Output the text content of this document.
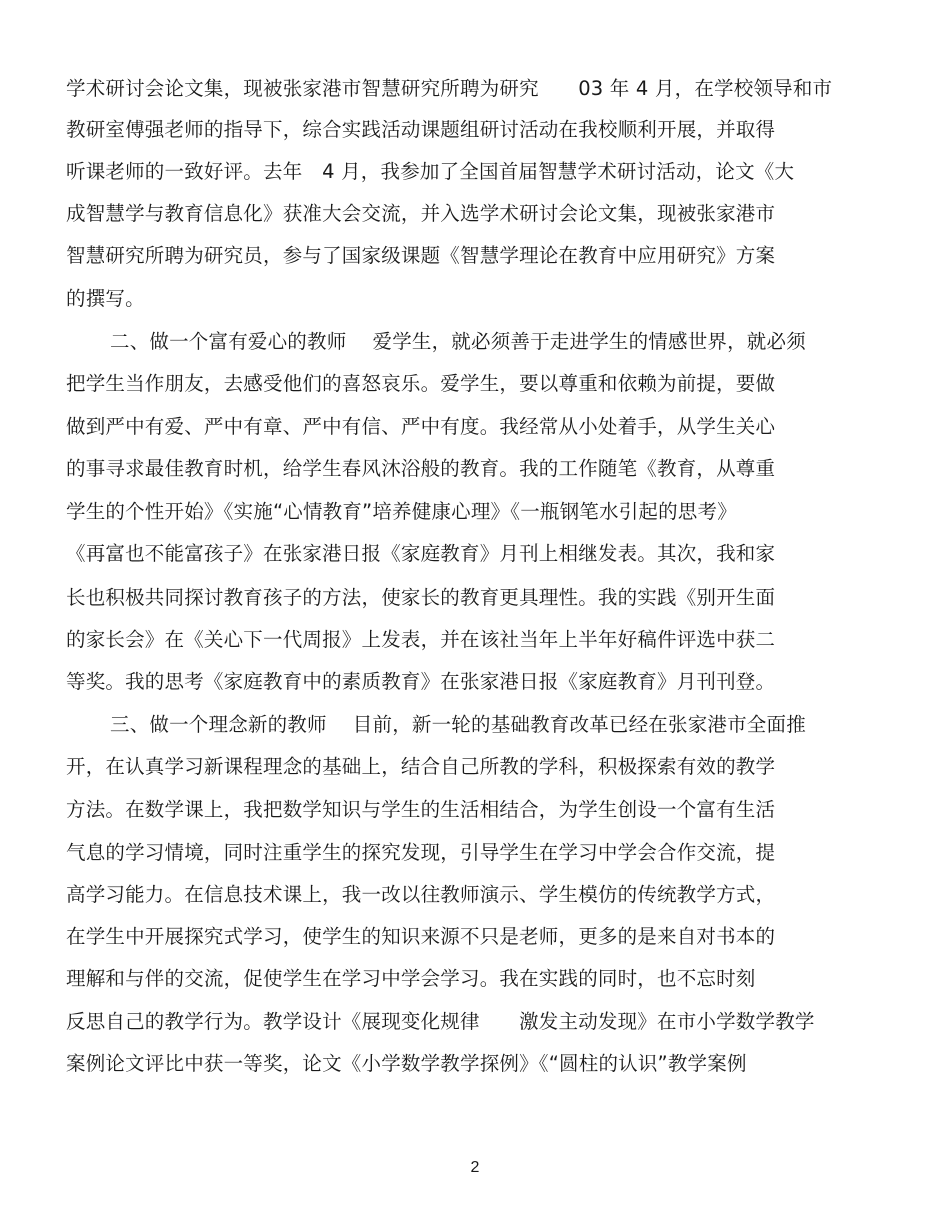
学术研讨会论文集，现被张家港市智慧研究所聘为研究　　03 年 4 月，在学校领导和市
教研室傅强老师的指导下，综合实践活动课题组研讨活动在我校顺利开展，并取得
听课老师的一致好评。去年　4 月，我参加了全国首届智慧学术研讨活动，论文《大
成智慧学与教育信息化》获准大会交流，并入选学术研讨会论文集，现被张家港市
智慧研究所聘为研究员，参与了国家级课题《智慧学理论在教育中应用研究》方案
的撰写。
二、做一个富有爱心的教师　 爱学生，就必须善于走进学生的情感世界，就必须
把学生当作朋友，去感受他们的喜怒哀乐。爱学生，要以尊重和依赖为前提，要做
做到严中有爱、严中有章、严中有信、严中有度。我经常从小处着手，从学生关心
的事寻求最佳教育时机，给学生春风沐浴般的教育。我的工作随笔《教育，从尊重
学生的个性开始》《实施“心情教育”培养健康心理》《一瓶钢笔水引起的思考》
《再富也不能富孩子》在张家港日报《家庭教育》月刊上相继发表。其次，我和家
长也积极共同探讨教育孩子的方法，使家长的教育更具理性。我的实践《别开生面
的家长会》在《关心下一代周报》上发表，并在该社当年上半年好稿件评选中获二
等奖。我的思考《家庭教育中的素质教育》在张家港日报《家庭教育》月刊刊登。
三、做一个理念新的教师　 目前，新一轮的基础教育改革已经在张家港市全面推
开，在认真学习新课程理念的基础上，结合自己所教的学科，积极探索有效的教学
方法。在数学课上，我把数学知识与学生的生活相结合，为学生创设一个富有生活
气息的学习情境，同时注重学生的探究发现，引导学生在学习中学会合作交流，提
高学习能力。在信息技术课上，我一改以往教师演示、学生模仿的传统教学方式，
在学生中开展探究式学习，使学生的知识来源不只是老师，更多的是来自对书本的
理解和与伴的交流，促使学生在学习中学会学习。我在实践的同时，也不忘时刻
反思自己的教学行为。教学设计《展现变化规律　　激发主动发现》在市小学数学教学
案例论文评比中获一等奖，论文《小学数学教学探例》《“圆柱的认识”教学案例
2
